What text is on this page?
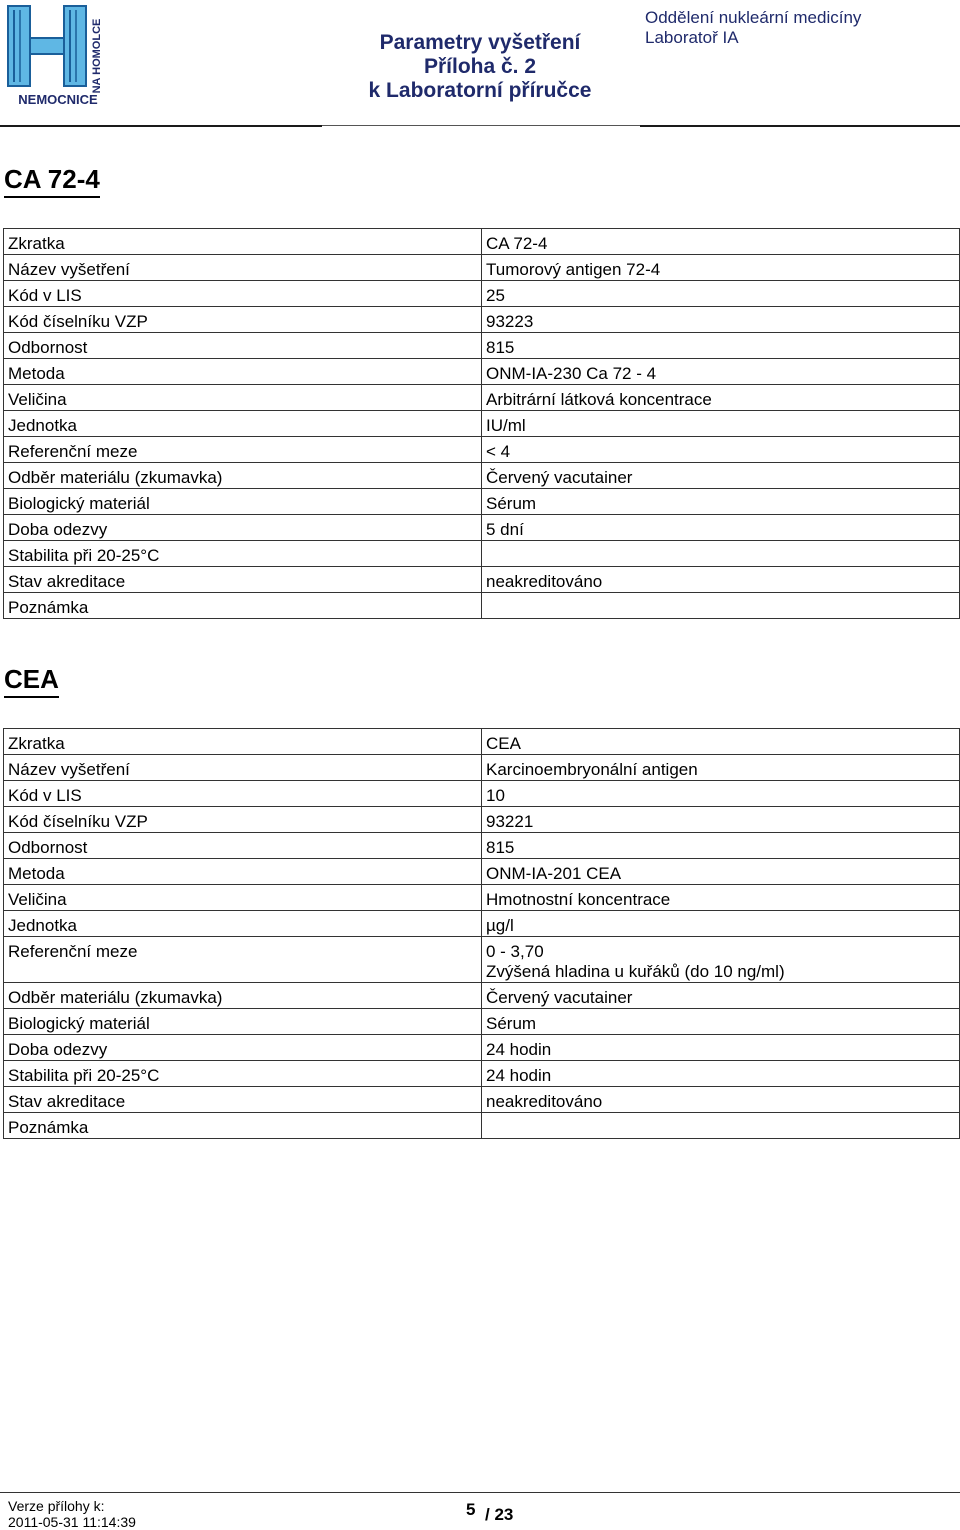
NA HOMOLCE
NEMOCNICE
Parametry vyšetření
Příloha č. 2
k Laboratorní příručce
Oddělení nukleární medicíny
Laboratoř IA
CA 72-4
Zkratka	CA 72-4
Název vyšetření	Tumorový antigen 72-4
Kód v LIS	25
Kód číselníku VZP	93223
Odbornost	815
Metoda	ONM-IA-230 Ca 72 - 4
Veličina	Arbitrární látková koncentrace
Jednotka	IU/ml
Referenční meze	< 4
Odběr materiálu (zkumavka)	Červený vacutainer
Biologický materiál	Sérum
Doba odezvy	5 dní
Stabilita při 20-25°C	
Stav akreditace	neakreditováno
Poznámka	
CEA
Zkratka	CEA
Název vyšetření	Karcinoembryonální antigen
Kód v LIS	10
Kód číselníku VZP	93221
Odbornost	815
Metoda	ONM-IA-201 CEA
Veličina	Hmotnostní koncentrace
Jednotka	µg/l
Referenční meze	0 - 3,70
Zvýšená hladina u kuřáků (do 10 ng/ml)

Odběr materiálu (zkumavka)	Červený vacutainer
Biologický materiál	Sérum
Doba odezvy	24 hodin
Stabilita při 20-25°C	24 hodin
Stav akreditace	neakreditováno
Poznámka	
Verze přílohy k:
2011-05-31 11:14:39
5 / 23
